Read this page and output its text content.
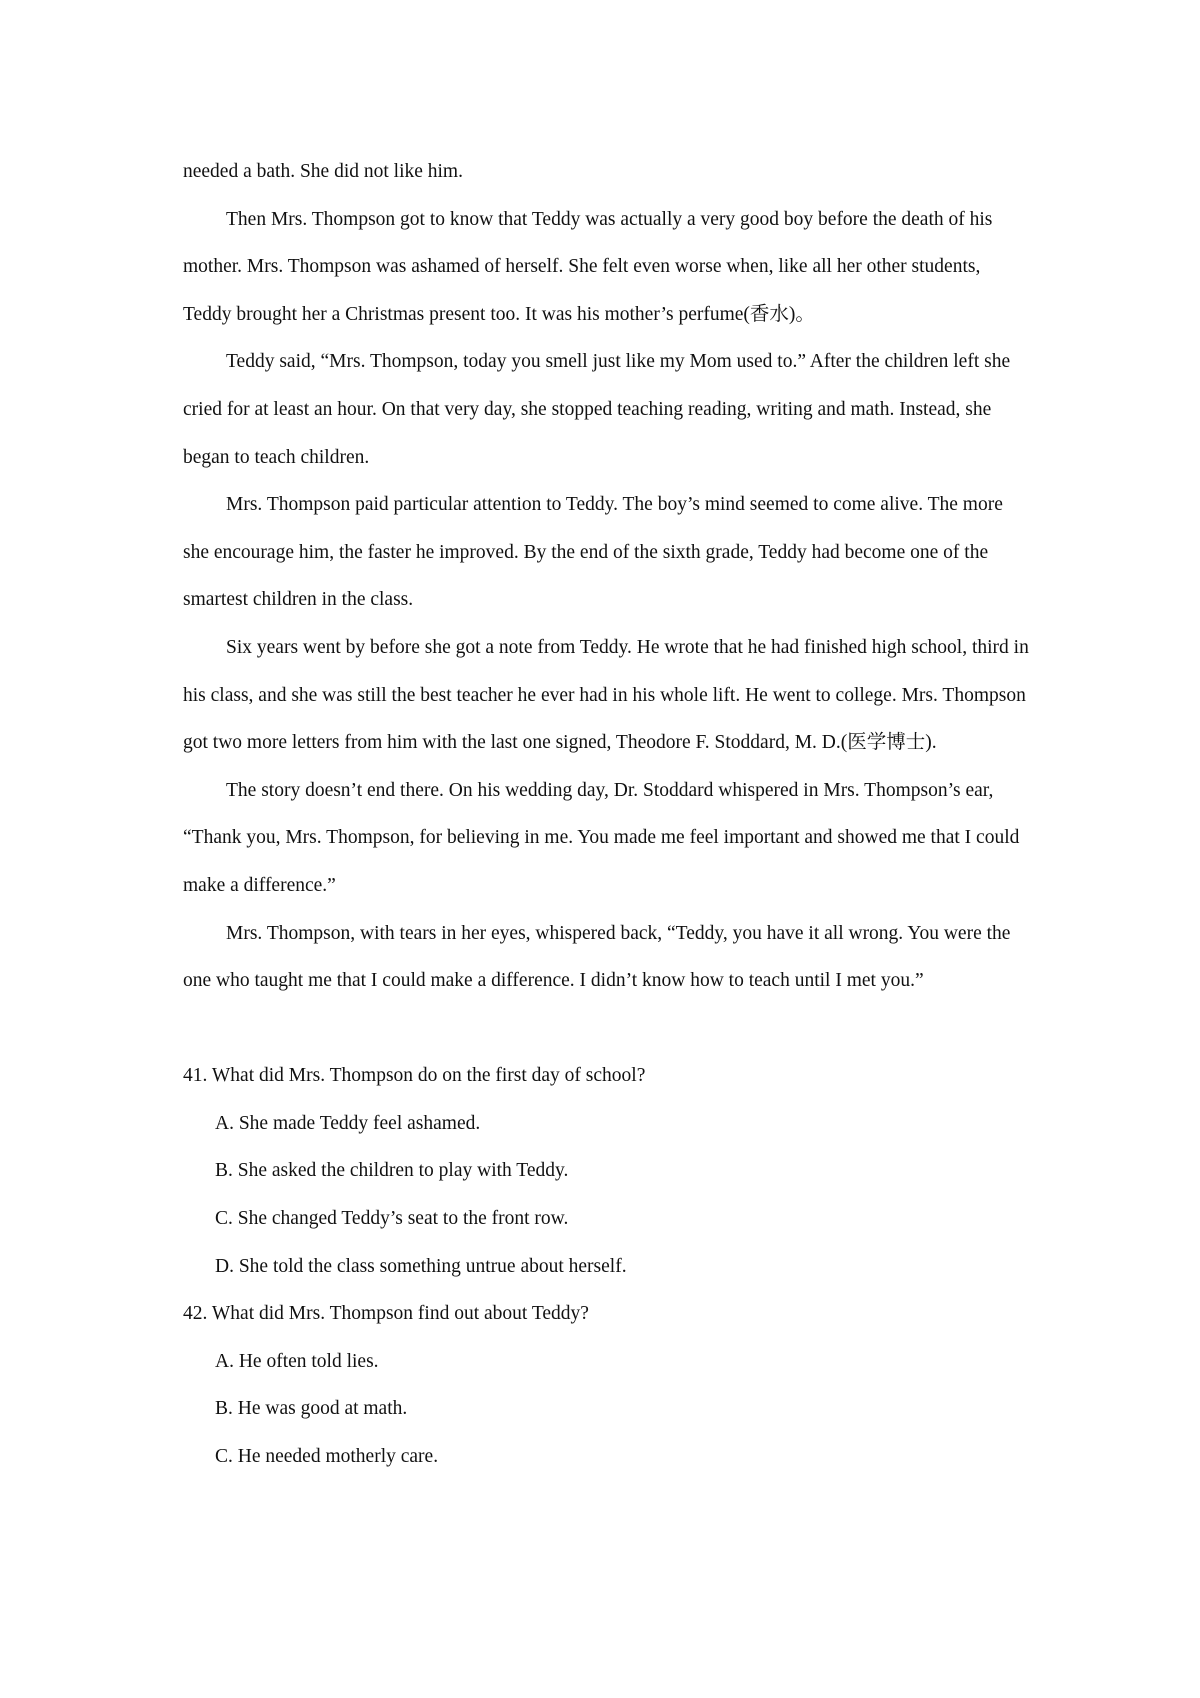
needed a bath. She did not like him.

Then Mrs. Thompson got to know that Teddy was actually a very good boy before the death of his mother. Mrs. Thompson was ashamed of herself. She felt even worse when, like all her other students, Teddy brought her a Christmas present too. It was his mother’s perfume(香水)。

Teddy said, “Mrs. Thompson, today you smell just like my Mom used to.” After the children left she cried for at least an hour. On that very day, she stopped teaching reading, writing and math. Instead, she began to teach children.

Mrs. Thompson paid particular attention to Teddy. The boy’s mind seemed to come alive. The more she encourage him, the faster he improved. By the end of the sixth grade, Teddy had become one of the smartest children in the class.

Six years went by before she got a note from Teddy. He wrote that he had finished high school, third in his class, and she was still the best teacher he ever had in his whole lift. He went to college. Mrs. Thompson got two more letters from him with the last one signed, Theodore F. Stoddard, M. D.(医学博士).

The story doesn’t end there. On his wedding day, Dr. Stoddard whispered in Mrs. Thompson’s ear, “Thank you, Mrs. Thompson, for believing in me. You made me feel important and showed me that I could make a difference.”

Mrs. Thompson, with tears in her eyes, whispered back, “Teddy, you have it all wrong. You were the one who taught me that I could make a difference. I didn’t know how to teach until I met you.”

41. What did Mrs. Thompson do on the first day of school?

A. She made Teddy feel ashamed.
B. She asked the children to play with Teddy.
C. She changed Teddy’s seat to the front row.
D. She told the class something untrue about herself.

42. What did Mrs. Thompson find out about Teddy?

A. He often told lies.
B. He was good at math.
C. He needed motherly care.
